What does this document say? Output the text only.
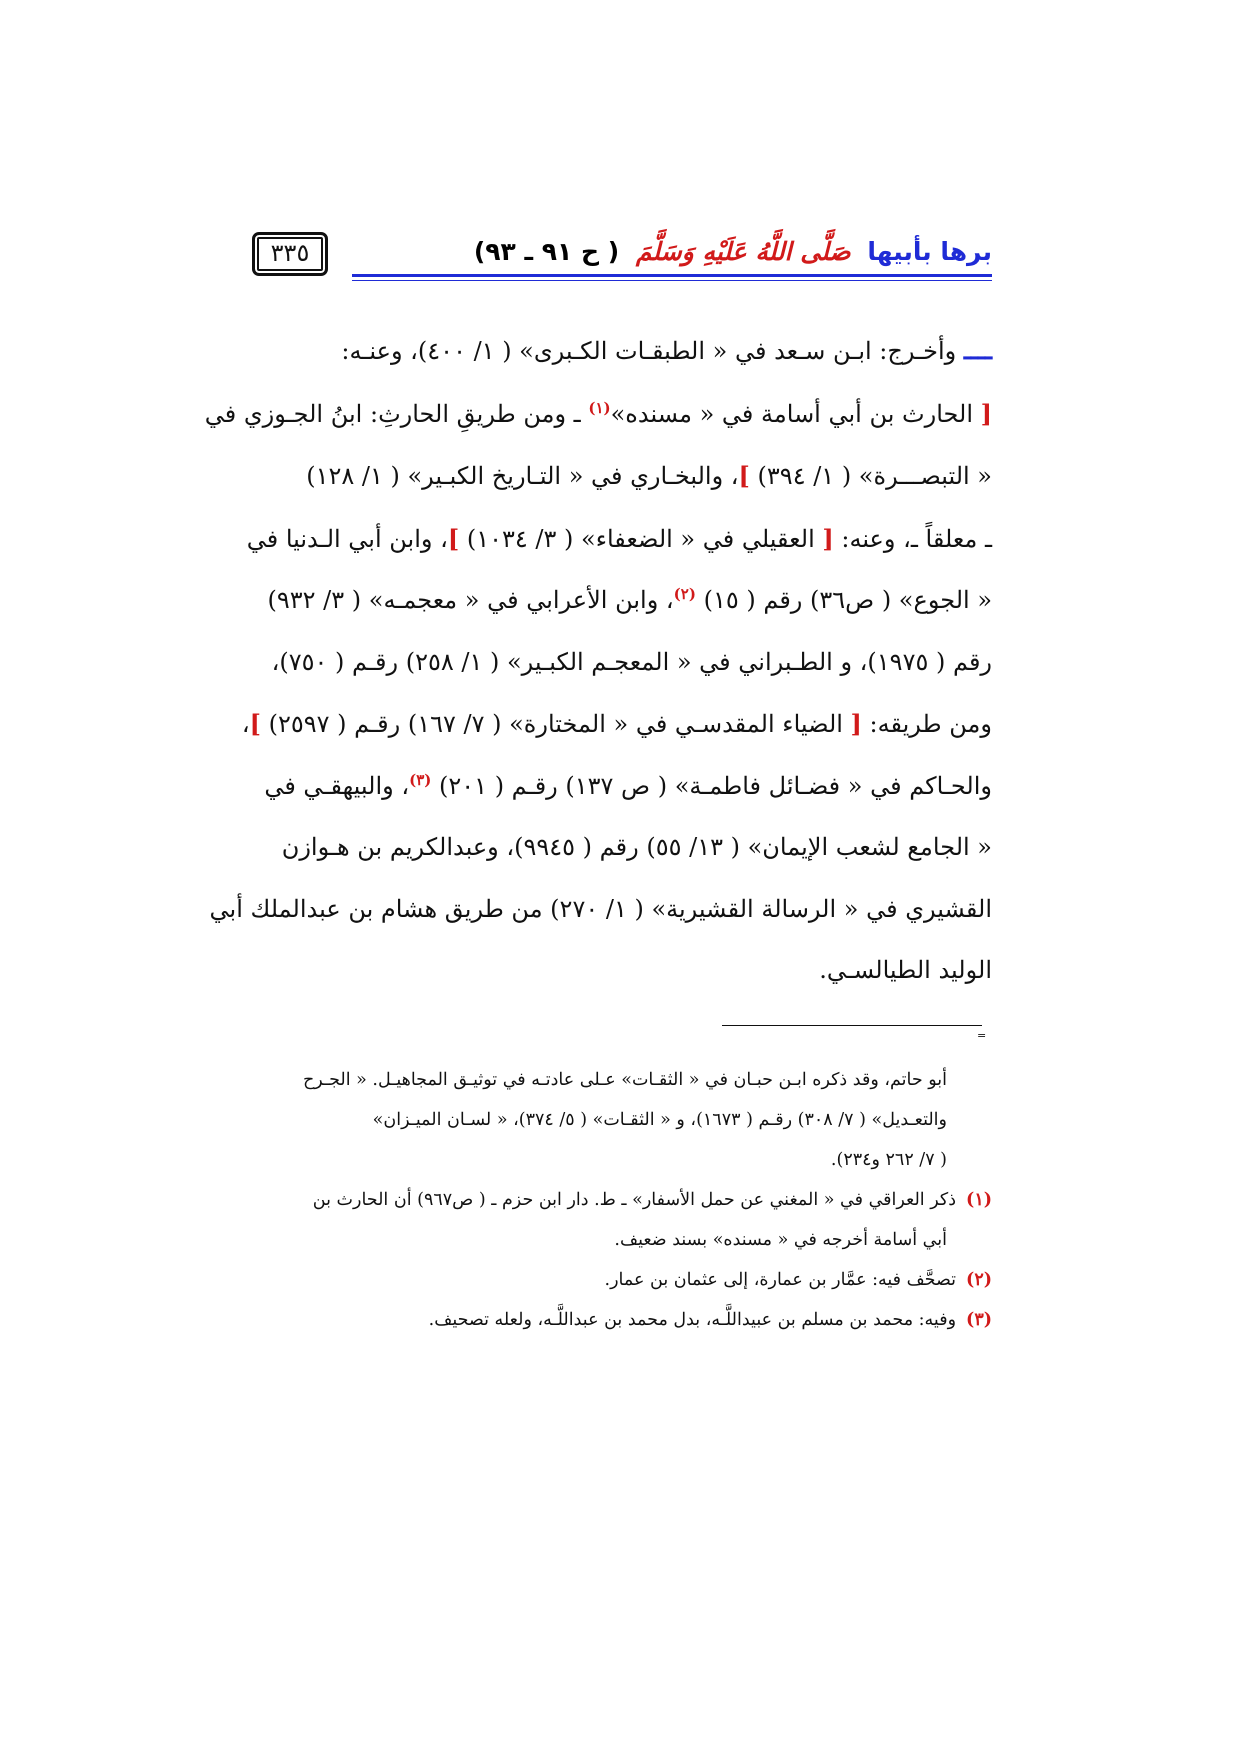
برها بأبيها صَلَّى اللَّهُ عَلَيْهِ وَسَلَّمَ ( ح ٩١ ـ ٩٣)
٣٣٥
ــــ وأخـرج: ابـن سـعد في « الطبقـات الكـبرى» ( ١/ ٤٠٠)، وعنـه:
[ الحارث بن أبي أسامة في « مسنده»$^{(١)}$ ـ ومن طريقِ الحارثِ: ابنُ الجـوزي في
« التبصـــرة» ( ١/ ٣٩٤) ]، والبخـاري في « التـاريخ الكبـير» ( ١/ ١٢٨)
ـ معلقاً ـ، وعنه: [ العقيلي في « الضعفاء» ( ٣/ ١٠٣٤) ]، وابن أبي الـدنيا في
« الجوع» ( ص٣٦) رقم ( ١٥) $^{(٢)}$، وابن الأعرابي في « معجمـه» ( ٣/ ٩٣٢)
رقم ( ١٩٧٥)، و الطـبراني في « المعجـم الكبـير» ( ١/ ٢٥٨) رقـم ( ٧٥٠)،
ومن طريقه: [ الضياء المقدسـي في « المختارة» ( ٧/ ١٦٧) رقـم ( ٢٥٩٧) ]،
والحـاكم في « فضـائل فاطمـة» ( ص ١٣٧) رقـم ( ٢٠١) $^{(٣)}$، والبيهقـي في
« الجامع لشعب الإيمان» ( ١٣/ ٥٥) رقم ( ٩٩٤٥)، وعبدالكريم بن هـوازن
القشيري في « الرسالة القشيرية» ( ١/ ٢٧٠) من طريق هشام بن عبدالملك أبي
الوليد الطيالسـي.
=
أبو حاتم، وقد ذكره ابـن حبـان في « الثقـات» عـلى عادتـه في توثيـق المجاهيـل. « الجـرح
والتعـديل» ( ٧/ ٣٠٨) رقـم ( ١٦٧٣)، و « الثقـات» ( ٥/ ٣٧٤)، « لسـان الميـزان»
( ٧/ ٢٦٢ و٢٣٤).
(١)ذكر العراقي في « المغني عن حمل الأسفار» ـ ط. دار ابن حزم ـ ( ص٩٦٧) أن الحارث بن
أبي أسامة أخرجه في « مسنده» بسند ضعيف.
(٢)تصحَّف فيه: عمَّار بن عمارة، إلى عثمان بن عمار.
(٣)وفيه: محمد بن مسلم بن عبيداللَّـه، بدل محمد بن عبداللَّـه، ولعله تصحيف.
